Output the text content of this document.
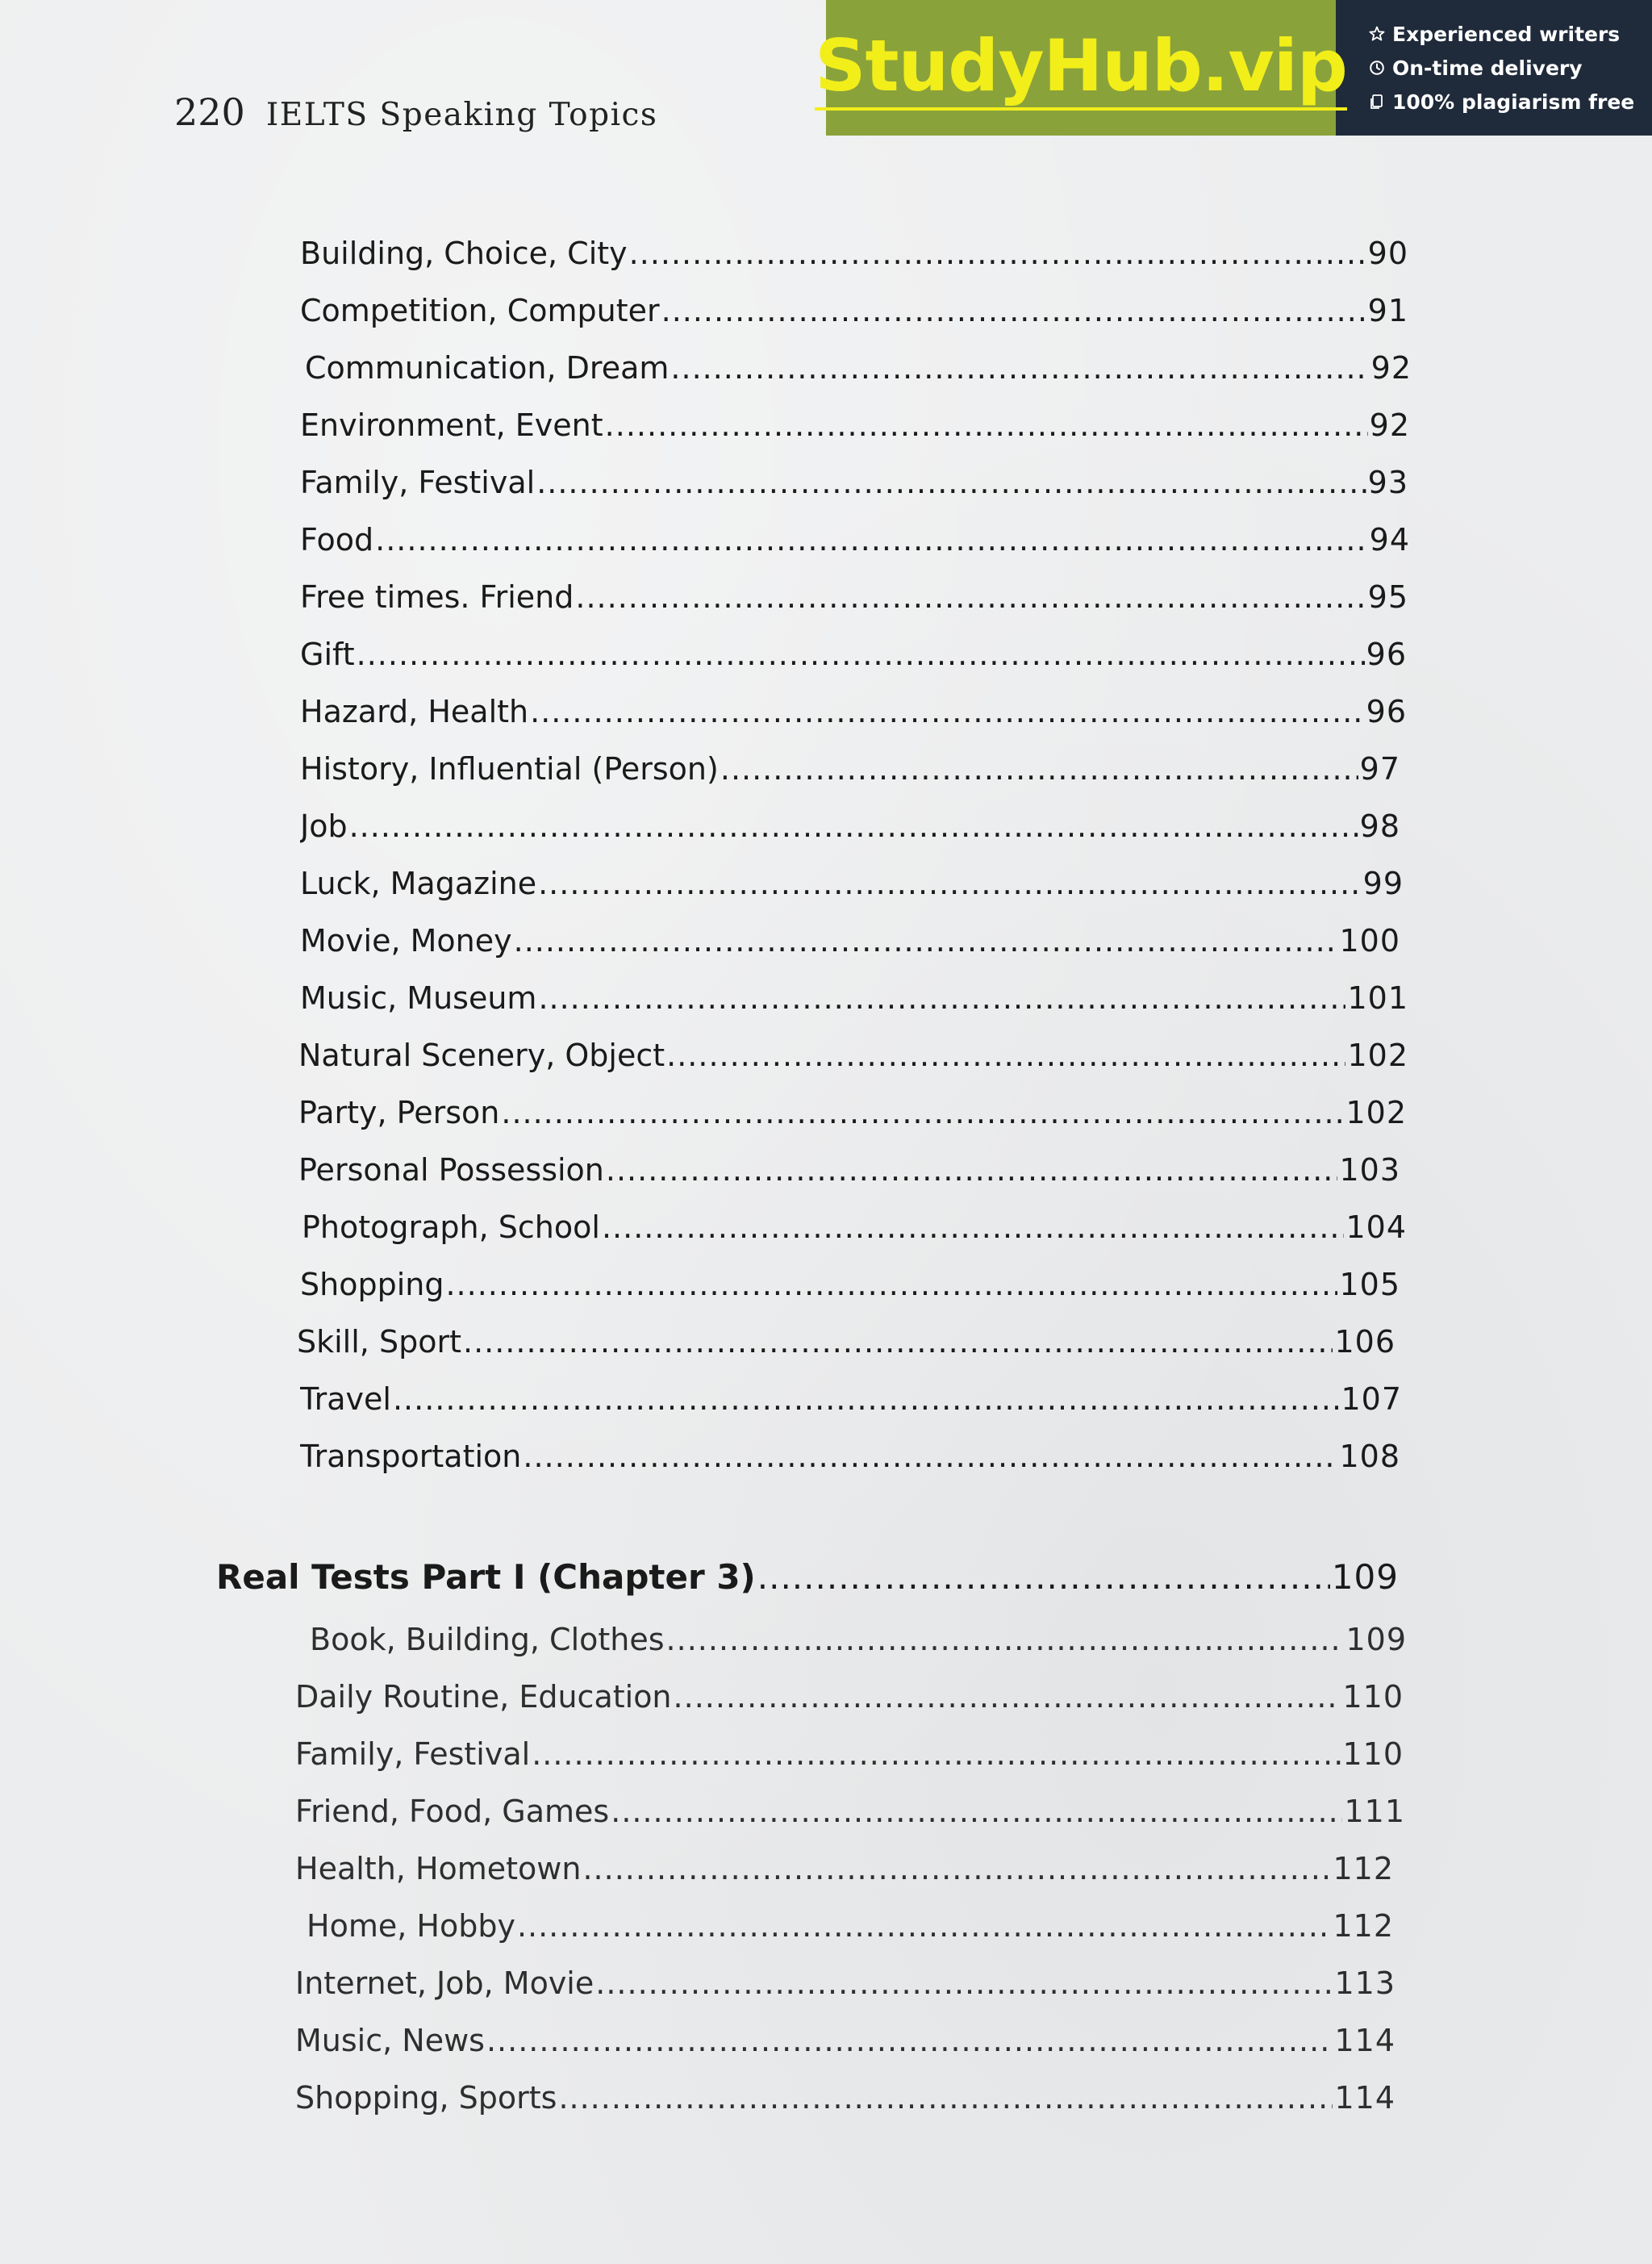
220 IELTS Speaking Topics
StudyHub.vip Experienced writers
On-time delivery
100% plagiarism free
Building, Choice, City .....	90
Competition, Computer .....	91
Communication, Dream .....	92
Environment, Event .....	92
Family, Festival .....	93
Food .....	94
Free times. Friend .....	95
Gift .....	96
Hazard, Health .....	96
History, Influential (Person) .....	97
Job .....	98
Luck, Magazine .....	99
Movie, Money .....	100
Music, Museum .....	101
Natural Scenery, Object .....	102
Party, Person .....	102
Personal Possession .....	103
Photograph, School .....	104
Shopping .....	105
Skill, Sport .....	106
Travel .....	107
Transportation .....	108
Real Tests Part I (Chapter 3) .....	109
Book, Building, Clothes .....	109
Daily Routine, Education .....	110
Family, Festival .....	110
Friend, Food, Games .....	111
Health, Hometown .....	112
Home, Hobby .....	112
Internet, Job, Movie .....	113
Music, News .....	114
Shopping, Sports .....	114
